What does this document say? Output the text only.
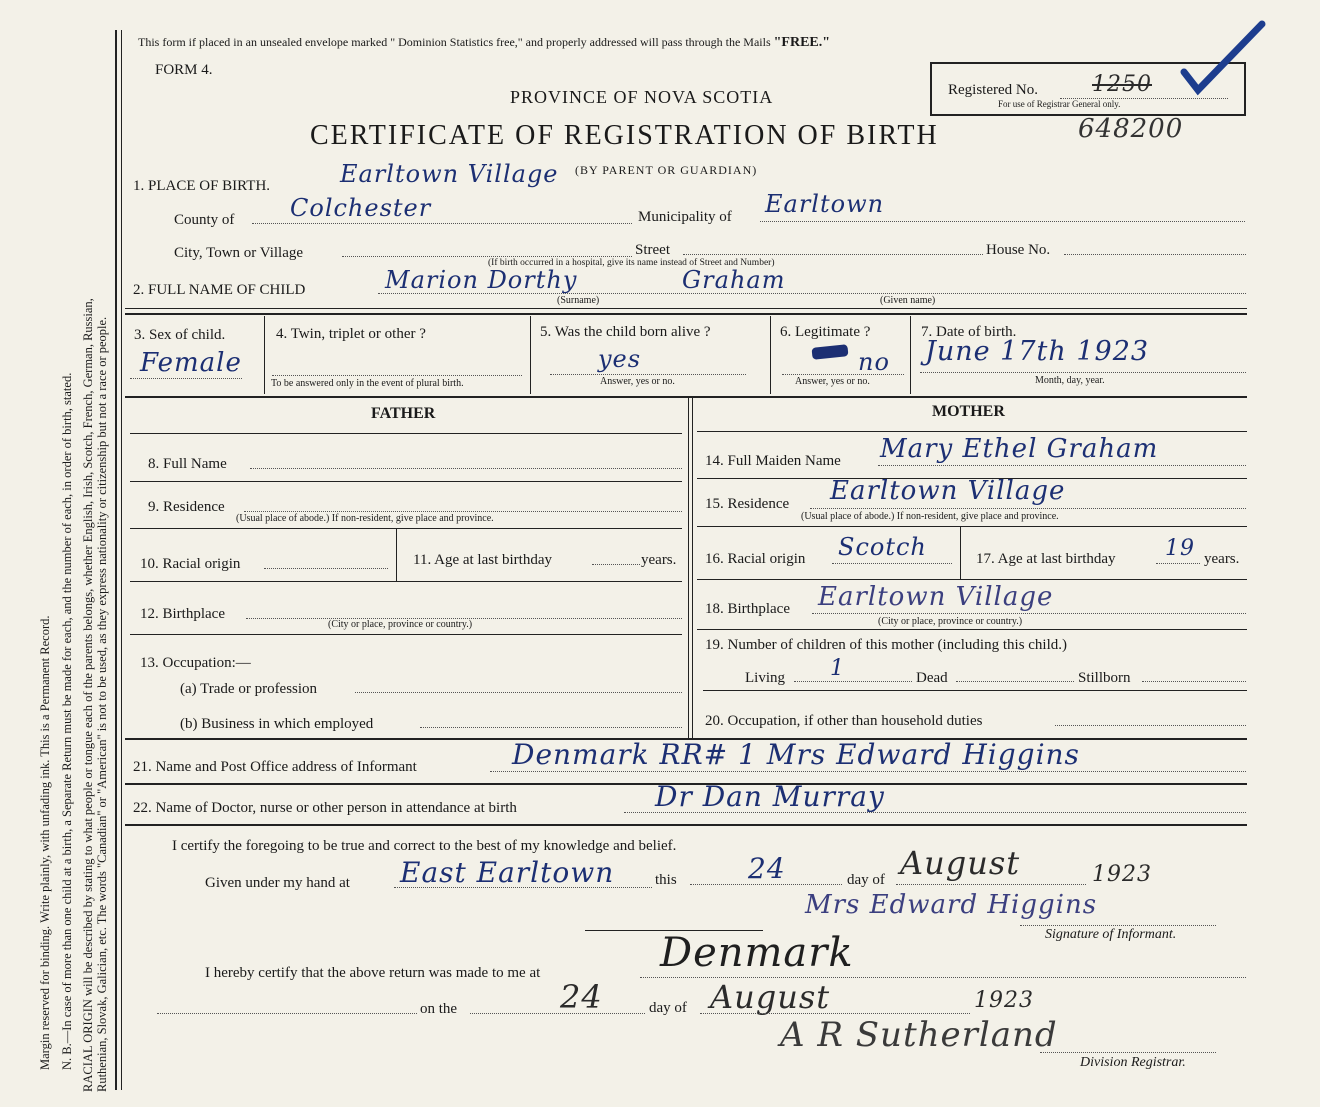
Margin reserved for binding. Write plainly, with unfading ink. This is a Permanent Record. N. B.—In case of more than one child at a birth, a Separate Return must be made for each, and the number of each, in order of birth, stated. RACIAL ORIGIN will be described by stating to what people or tongue each of the parents belongs, whether English, Irish, Scotch, French, German, Russian, Ruthenian, Slovak, Galician, etc. The words "Canadian" or "American" is not to be used, as they express nationality or citizenship but not a race or people.
This form if placed in an unsealed envelope marked " Dominion Statistics free," and properly addressed will pass through the Mails "FREE."
FORM 4.
PROVINCE OF NOVA SCOTIA
CERTIFICATE OF REGISTRATION OF BIRTH	648200
(BY PARENT OR GUARDIAN)
Registered No. 1250
For use of Registrar General only.
1. PLACE OF BIRTH.	Earltown Village
County of Colchester	Municipality of Earltown
City, Town or Village	Street	House No.
(If birth occurred in a hospital, give its name instead of Street and Number)
2. FULL NAME OF CHILD	Marion Dorthy	Graham
(Surname)	(Given name)
3. Sex of child.
Female
4. Twin, triplet or other ?
To be answered only in the event of plural birth.
5. Was the child born alive ?
yes
Answer, yes or no.
6. Legitimate ?
no
Answer, yes or no.
7. Date of birth.
June 17th 1923
Month, day, year.
FATHER	MOTHER
8. Full Name
9. Residence
(Usual place of abode.) If non-resident, give place and province.
10. Racial origin	11. Age at last birthday	years.
12. Birthplace
(City or place, province or country.)
13. Occupation:—
(a) Trade or profession
(b) Business in which employed
14. Full Maiden Name Mary Ethel Graham
15. Residence Earltown Village
(Usual place of abode.) If non-resident, give place and province.
16. Racial origin Scotch	17. Age at last birthday 19 years.
18. Birthplace Earltown Village
(City or place, province or country.)
19. Number of children of this mother (including this child.)
Living 1	Dead	Stillborn
20. Occupation, if other than household duties
21. Name and Post Office address of Informant	Denmark RR# 1 Mrs Edward Higgins
22. Name of Doctor, nurse or other person in attendance at birth	Dr Dan Murray
I certify the foregoing to be true and correct to the best of my knowledge and belief.
Given under my hand at East Earltown	this	24	day of August	1923
Mrs Edward Higgins
Signature of Informant.
I hereby certify that the above return was made to me at	Denmark
on the	24	day of August	1923
A R Sutherland
Division Registrar.
